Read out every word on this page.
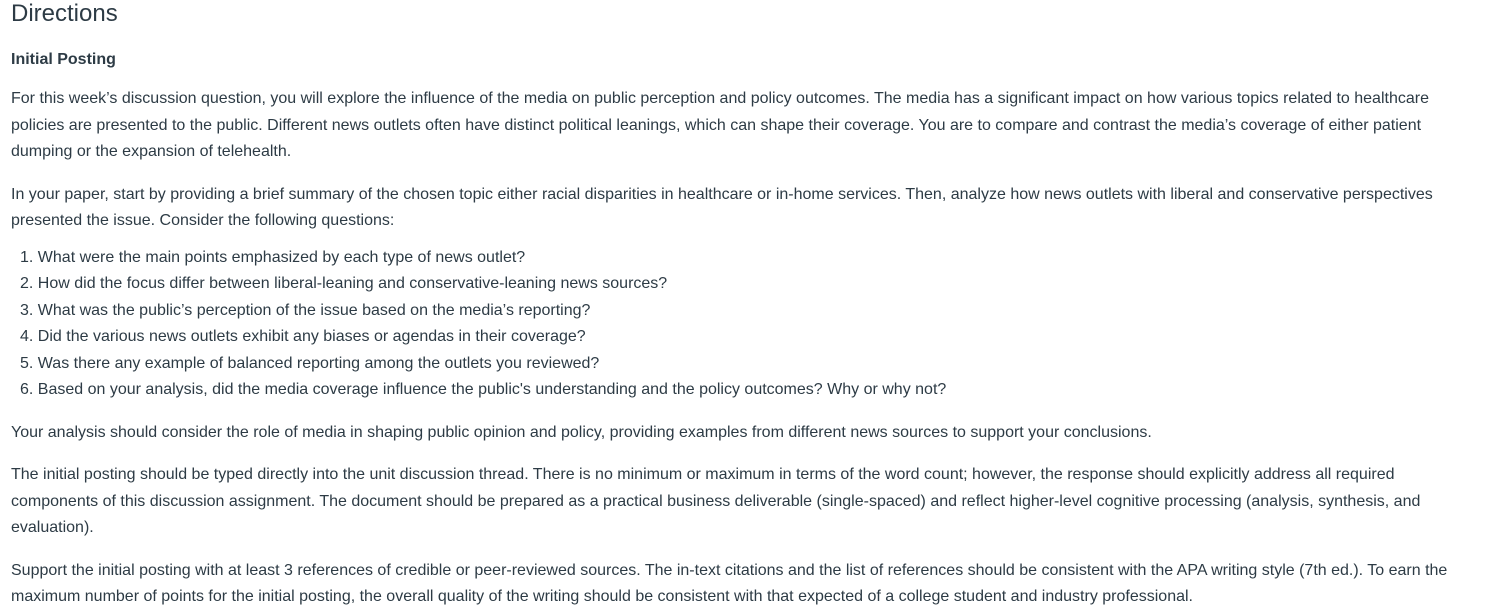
Directions
Initial Posting

For this week’s discussion question, you will explore the influence of the media on public perception and policy outcomes. The media has a significant impact on how various topics related to healthcare policies are presented to the public. Different news outlets often have distinct political leanings, which can shape their coverage. You are to compare and contrast the media’s coverage of either patient dumping or the expansion of telehealth.

In your paper, start by providing a brief summary of the chosen topic either racial disparities in healthcare or in-home services. Then, analyze how news outlets with liberal and conservative perspectives presented the issue. Consider the following questions:

1. What were the main points emphasized by each type of news outlet?
2. How did the focus differ between liberal-leaning and conservative-leaning news sources?
3. What was the public’s perception of the issue based on the media’s reporting?
4. Did the various news outlets exhibit any biases or agendas in their coverage?
5. Was there any example of balanced reporting among the outlets you reviewed?
6. Based on your analysis, did the media coverage influence the public's understanding and the policy outcomes? Why or why not?

Your analysis should consider the role of media in shaping public opinion and policy, providing examples from different news sources to support your conclusions.

The initial posting should be typed directly into the unit discussion thread. There is no minimum or maximum in terms of the word count; however, the response should explicitly address all required components of this discussion assignment. The document should be prepared as a practical business deliverable (single-spaced) and reflect higher-level cognitive processing (analysis, synthesis, and evaluation).

Support the initial posting with at least 3 references of credible or peer-reviewed sources. The in-text citations and the list of references should be consistent with the APA writing style (7th ed.). To earn the maximum number of points for the initial posting, the overall quality of the writing should be consistent with that expected of a college student and industry professional.
